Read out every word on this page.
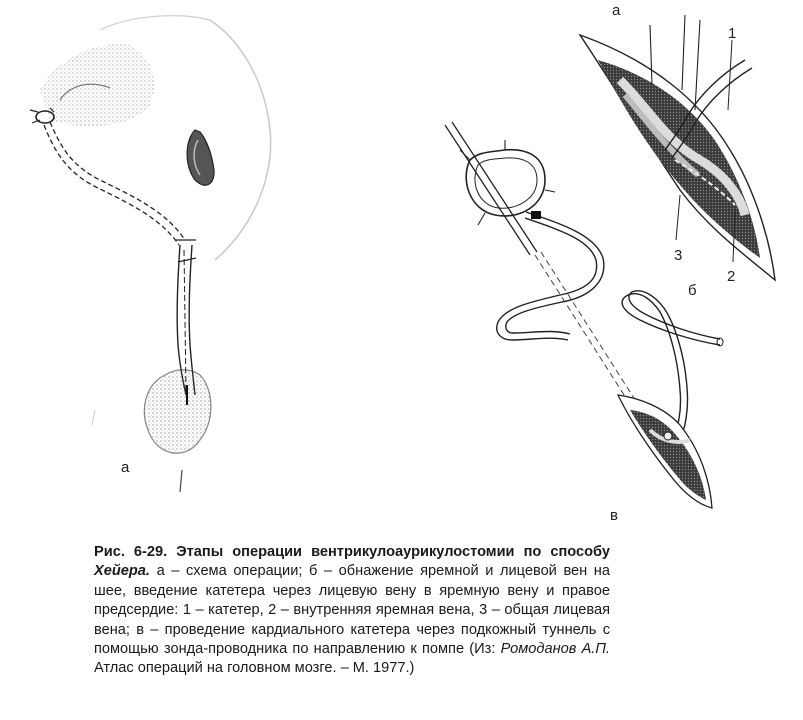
а
а
1
2
3
б
в
Рис. 6-29. Этапы операции вентрикулоаурикулостомии по способу Хейера. а – схема операции; б – обнажение яремной и лицевой вен на шее, введение катетера через лицевую вену в яремную вену и правое предсердие: 1 – катетер, 2 – внутренняя яремная вена, 3 – общая лицевая вена; в – проведение кардиального катетера через подкожный туннель с помощью зонда-проводника по направлению к помпе (Из: Ромоданов А.П. Атлас операций на головном мозге. – М. 1977.)
